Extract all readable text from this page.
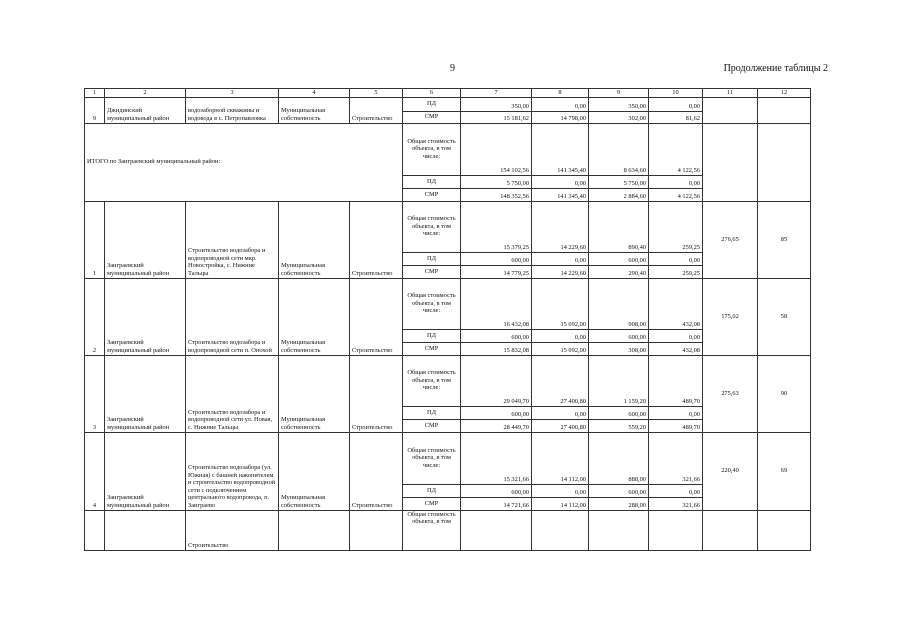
9	Продолжение таблицы 2
1	2	3	4	5	6	7	8	9	10	11	12
9	Джидинский муниципальный район	водозаборной скважины и водовода в с. Петропавловка	Муниципальная собственность	Строительство	ПД	350,00	0,00	350,00	0,00		
					СМР	15 181,62	14 798,00	302,00	81,62		
ИТОГО по Заиграевский муниципальный район:					Общая стоимость объекта, в том числе:	154 102,56	141 345,40	8 634,60	4 122,56		
					ПД	5 750,00	0,00	5 750,00	0,00		
					СМР	148 352,56	141 345,40	2 884,60	4 122,56		
1	Заиграевский муниципальный район	Строительство водозабора и водопроводной сети мкр. Новостройка, с. Нижние Тальцы	Муниципальная собственность	Строительство	Общая стоимость объекта, в том числе:	15 379,25	14 229,60	890,40	259,25	276,65	85
					ПД	600,00	0,00	600,00	0,00		
					СМР	14 779,25	14 229,60	290,40	259,25		
2	Заиграевский муниципальный район	Строительство водозабора и водопроводной сети п. Онохой	Муниципальная собственность	Строительство	Общая стоимость объекта, в том числе:	16 432,08	15 092,00	908,00	432,08	175,02	58
					ПД	600,00	0,00	600,00	0,00		
					СМР	15 832,08	15 092,00	308,00	432,08		
3	Заиграевский муниципальный район	Строительство водозабора и водопроводной сети ул. Новая, с. Нижние Тальцы	Муниципальная собственность	Строительство	Общая стоимость объекта, в том числе:	29 049,70	27 400,80	1 159,20	489,70	275,63	90
					ПД	600,00	0,00	600,00	0,00		
					СМР	28 449,70	27 400,80	559,20	489,70		
4	Заиграевский муниципальный район	Строительство водозабора (ул. Южная) с башней накопителем и строительство водопроводной сети с подключением центрального водопровода, п. Заиграево	Муниципальная собственность	Строительство	Общая стоимость объекта, в том числе:	15 321,66	14 112,00	888,00	321,66	220,40	69
					ПД	600,00	0,00	600,00	0,00		
					СМР	14 721,66	14 112,00	288,00	321,66		
		Строительство			Общая стоимость объекта, в том						
